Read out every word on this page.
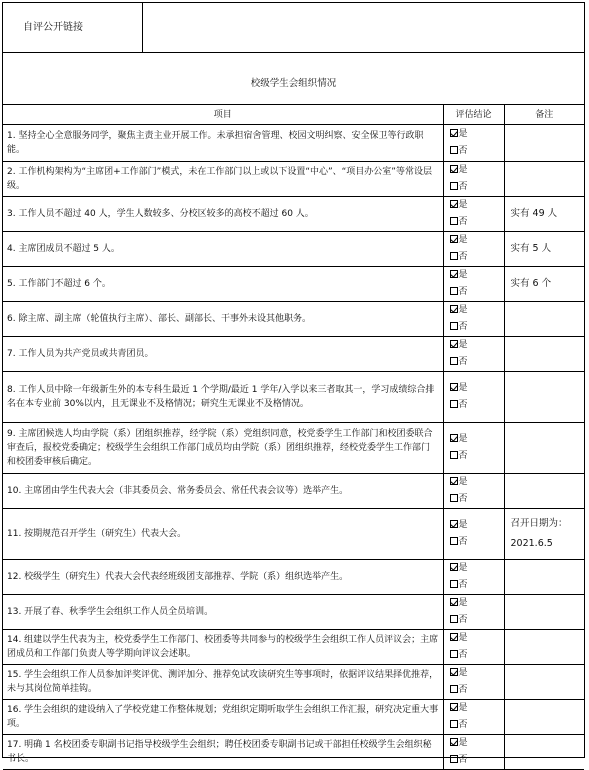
自评公开链接
校级学生会组织情况
项目	评估结论	备注
1. 坚持全心全意服务同学，聚焦主责主业开展工作。未承担宿舍管理、校园文明纠察、安全保卫等行政职能。	是
否	

2. 工作机构架构为“主席团+工作部门”模式，未在工作部门以上或以下设置“中心”、“项目办公室”等常设层级。	是
否	

3. 工作人员不超过 40 人，学生人数较多、分校区较多的高校不超过 60 人。	是
否	实有 49 人

4. 主席团成员不超过 5 人。	是
否	实有 5 人

5. 工作部门不超过 6 个。	是
否	实有 6 个

6. 除主席、副主席（轮值执行主席）、部长、副部长、干事外未设其他职务。	是
否	

7. 工作人员为共产党员或共青团员。	是
否	

8. 工作人员中除一年级新生外的本专科生最近 1 个学期/最近 1 学年/入学以来三者取其一，学习成绩综合排名在本专业前 30%以内，且无课业不及格情况；研究生无课业不及格情况。	是
否	

9. 主席团候选人均由学院（系）团组织推荐，经学院（系）党组织同意，校党委学生工作部门和校团委联合审查后，报校党委确定；校级学生会组织工作部门成员均由学院（系）团组织推荐，经校党委学生工作部门和校团委审核后确定。	是
否	

10. 主席团由学生代表大会（非其委员会、常务委员会、常任代表会议等）选举产生。	是
否	

11. 按期规范召开学生（研究生）代表大会。	是
否	召开日期为：
2021.6.5

12. 校级学生（研究生）代表大会代表经班级团支部推荐、学院（系）组织选举产生。	是
否	

13. 开展了春、秋季学生会组织工作人员全员培训。	是
否	

14. 组建以学生代表为主，校党委学生工作部门、校团委等共同参与的校级学生会组织工作人员评议会；主席团成员和工作部门负责人等学期向评议会述职。	是
否	

15. 学生会组织工作人员参加评奖评优、测评加分、推荐免试攻读研究生等事项时，依据评议结果择优推荐，未与其岗位简单挂钩。	是
否	

16. 学生会组织的建设纳入了学校党建工作整体规划；党组织定期听取学生会组织工作汇报，研究决定重大事项。	是
否	

17. 明确 1 名校团委专职副书记指导校级学生会组织；聘任校团委专职副书记或干部担任校级学生会组织秘书长。	是
否	
